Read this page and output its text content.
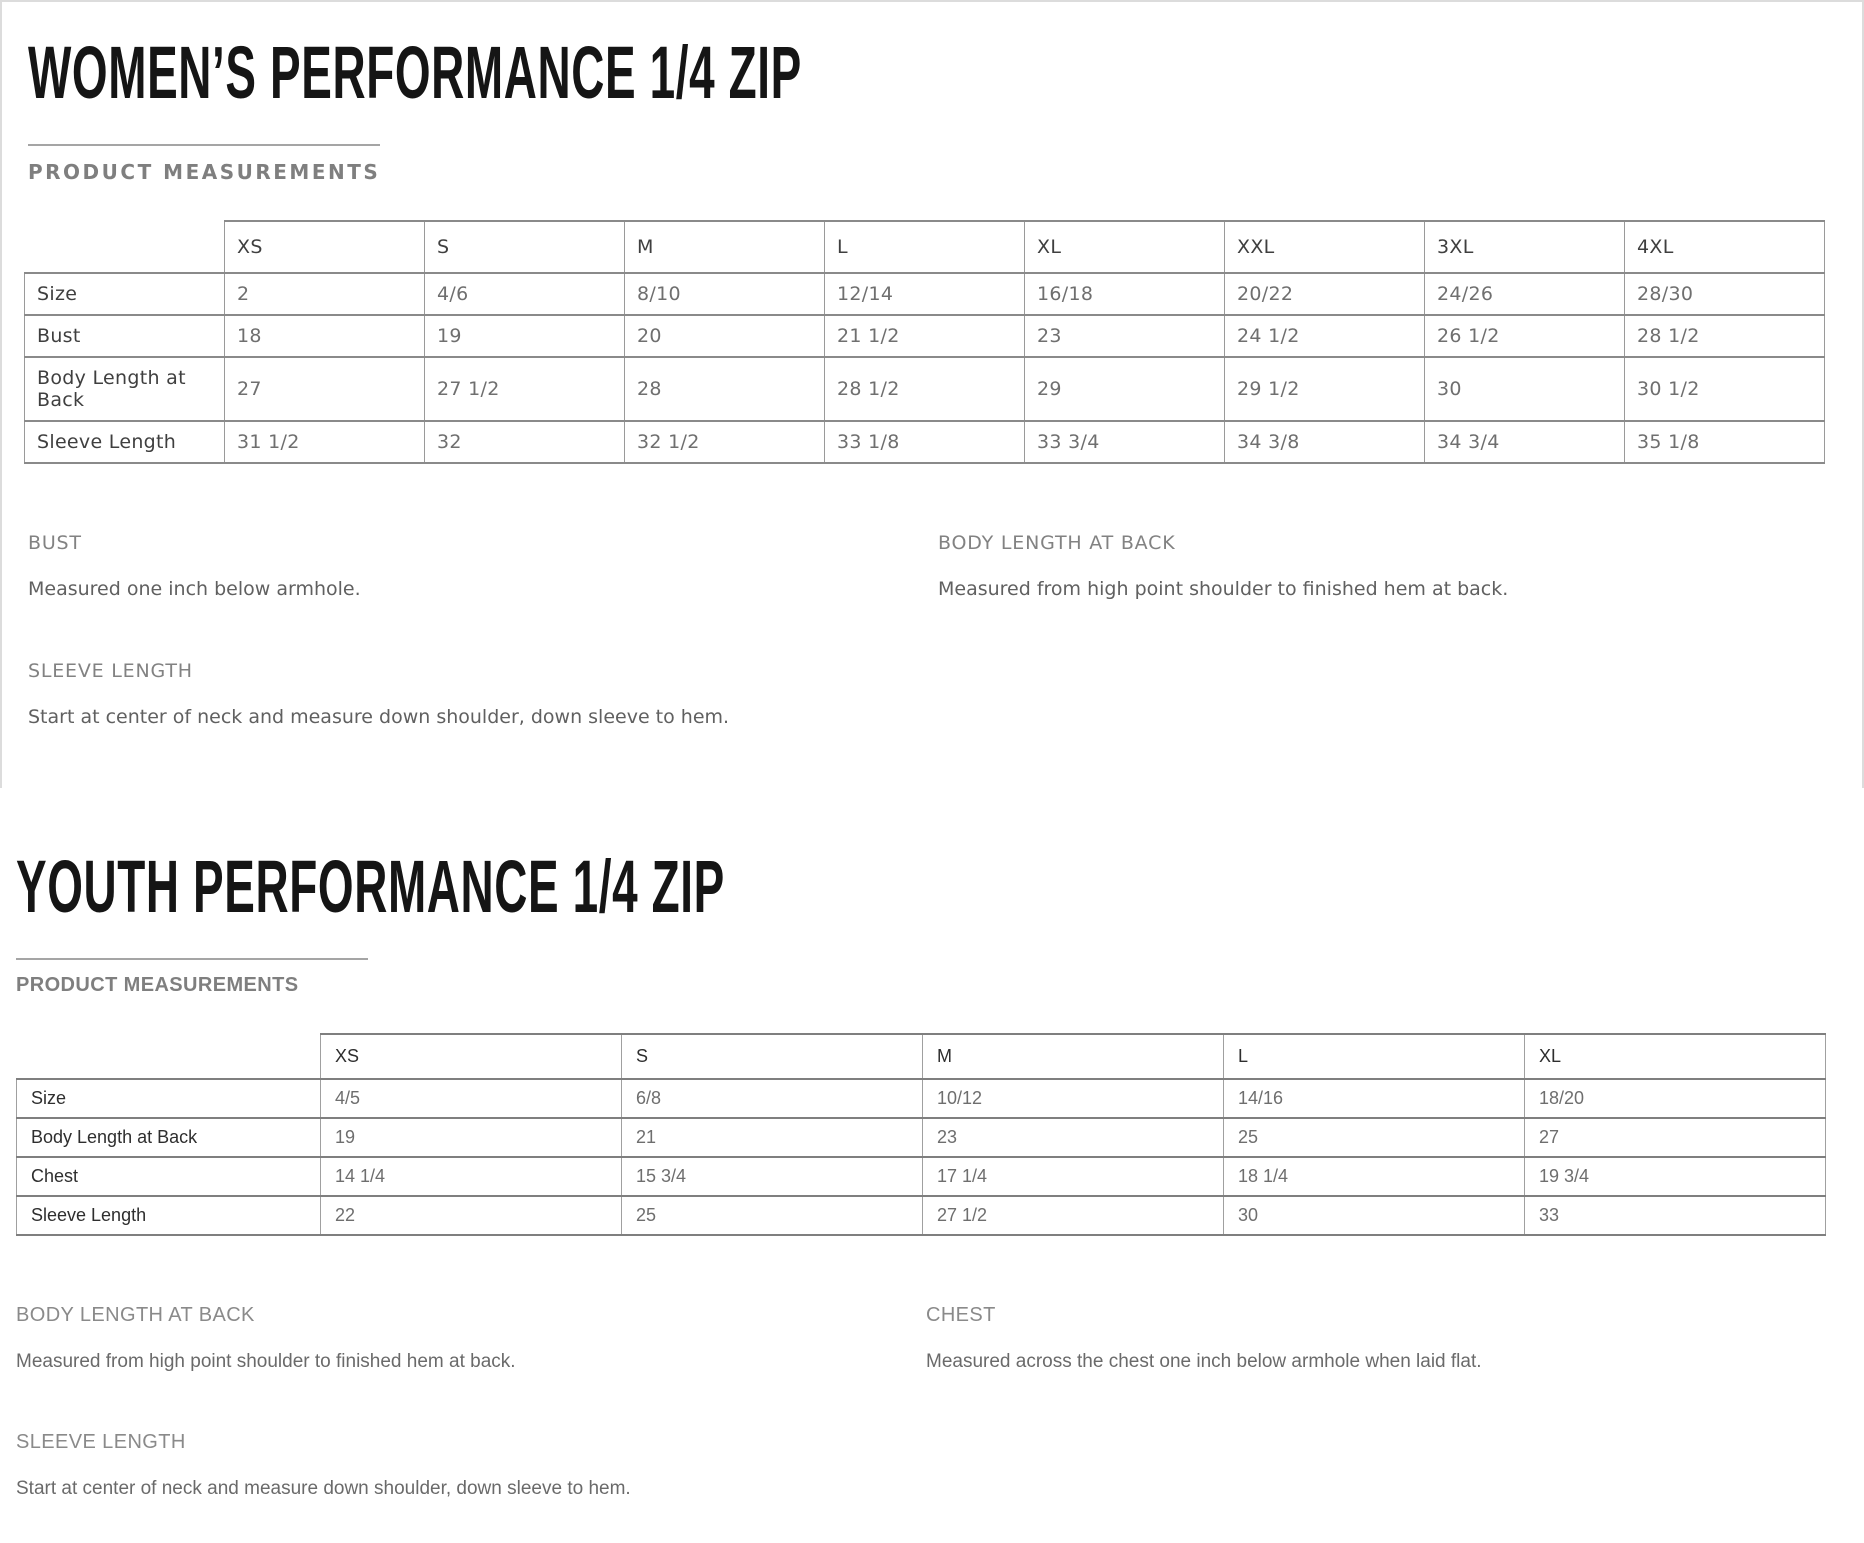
WOMEN’S PERFORMANCE 1/4 ZIP
PRODUCT MEASUREMENTS
	XS	S	M	L	XL	XXL	3XL	4XL
Size	2	4/6	8/10	12/14	16/18	20/22	24/26	28/30
Bust	18	19	20	21 1/2	23	24 1/2	26 1/2	28 1/2
Body Length at Back	27	27 1/2	28	28 1/2	29	29 1/2	30	30 1/2
Sleeve Length	31 1/2	32	32 1/2	33 1/8	33 3/4	34 3/8	34 3/4	35 1/8
BUST

Measured one inch below armhole.

SLEEVE LENGTH

Start at center of neck and measure down shoulder, down sleeve to hem.

BODY LENGTH AT BACK

Measured from high point shoulder to finished hem at back.

YOUTH PERFORMANCE 1/4 ZIP
PRODUCT MEASUREMENTS
	XS	S	M	L	XL
Size	4/5	6/8	10/12	14/16	18/20
Body Length at Back	19	21	23	25	27
Chest	14 1/4	15 3/4	17 1/4	18 1/4	19 3/4
Sleeve Length	22	25	27 1/2	30	33
BODY LENGTH AT BACK

Measured from high point shoulder to finished hem at back.

SLEEVE LENGTH

Start at center of neck and measure down shoulder, down sleeve to hem.

CHEST

Measured across the chest one inch below armhole when laid flat.
